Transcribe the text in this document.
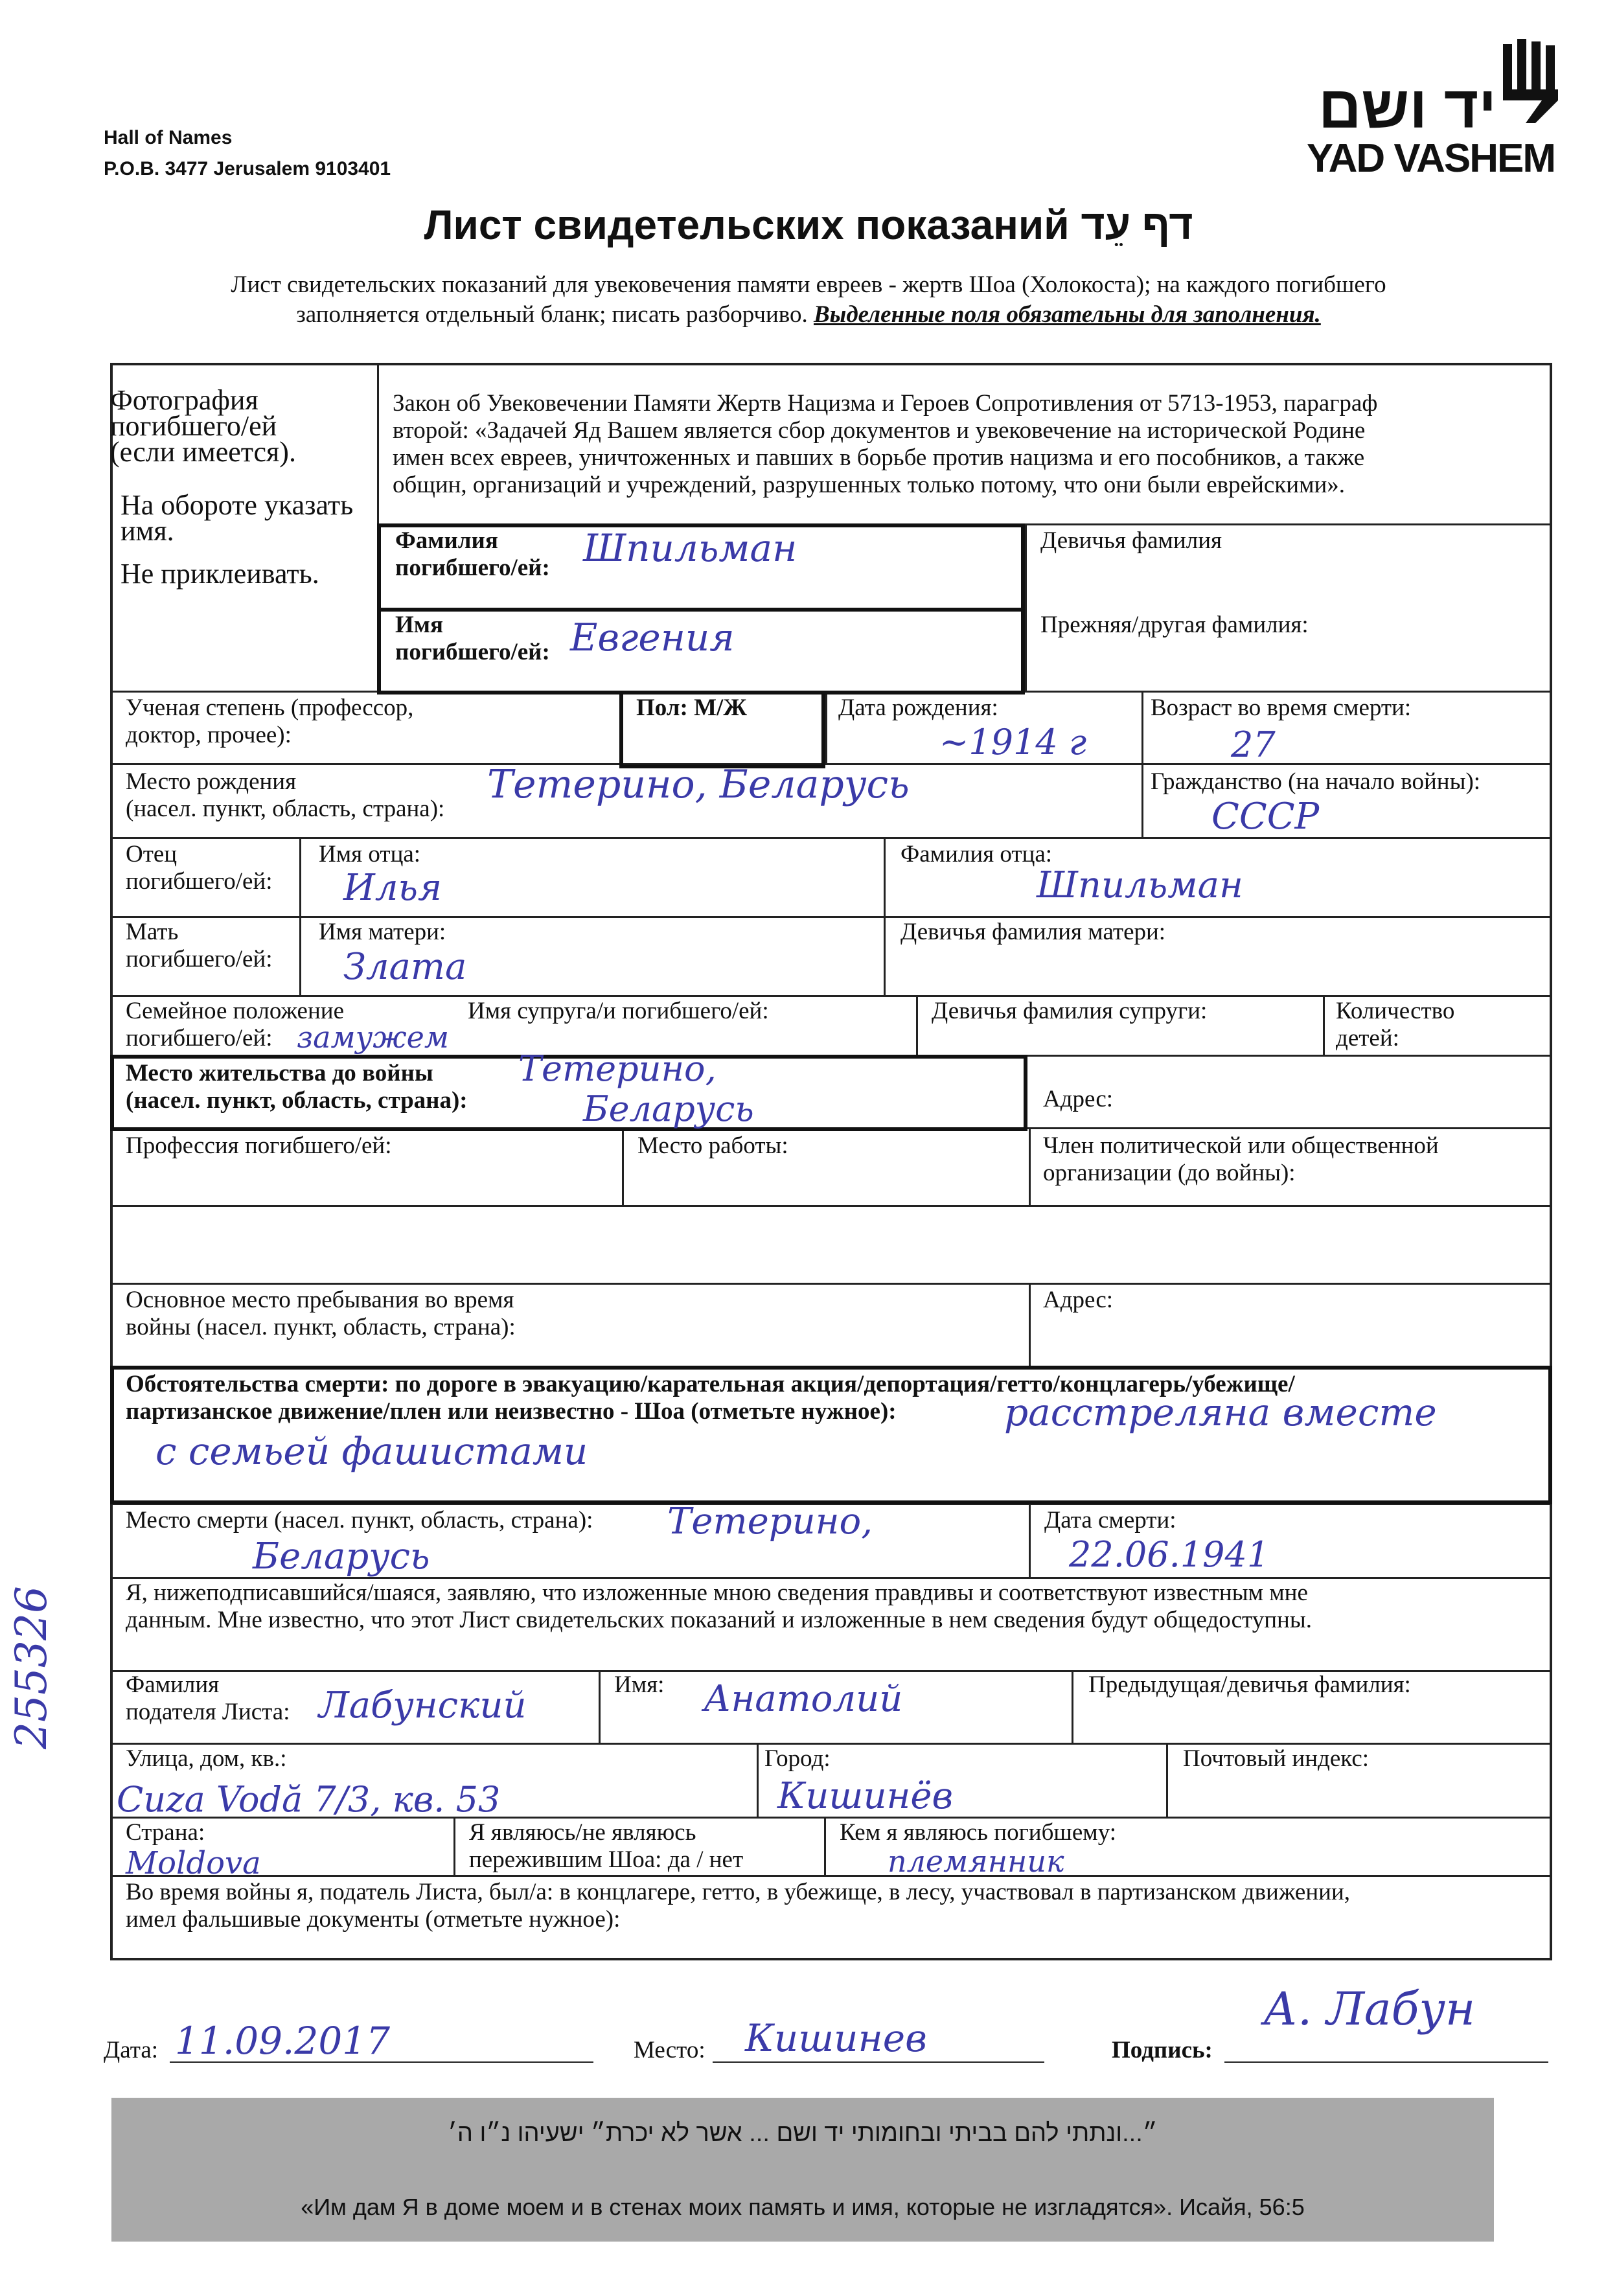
Hall of Names
P.O.B. 3477 Jerusalem 9103401
יד ושם
YAD VASHEM
Лист свидетельских показаний דף עֵד
Лист свидетельских показаний для увековечения памяти евреев - жертв Шоа (Холокоста); на каждого погибшего
заполняется отдельный бланк; писать разборчиво. Выделенные поля обязательны для заполнения.
Фотография
погибшего/ей
(если имеется).
На обороте указать
имя.
Не приклеивать.
Закон об Увековечении Памяти Жертв Нацизма и Героев Сопротивления от 5713-1953, параграф
второй: «Задачей Яд Вашем является сбор документов и увековечение на исторической Родине
имен всех евреев, уничтоженных и павших в борьбе против нацизма и его пособников, а также
общин, организаций и учреждений, разрушенных только потому, что они были еврейскими».
Фамилия
погибшего/ей: Шпильман	Девичья фамилия
Имя
погибшего/ей: Евгения	Прежняя/другая фамилия:
Ученая степень (профессор,
доктор, прочее):
Пол: М/Ж	Дата рождения:
~1914 г
Возраст во время смерти:
27
Место рождения
(насел. пункт, область, страна):
Тетерино, Беларусь	Гражданство (на начало войны):
СССР
Отец
погибшего/ей:
Имя отца:
Илья
Фамилия отца:
Шпильман
Мать
погибшего/ей:
Имя матери:
Злата
Девичья фамилия матери:
Семейное положение
погибшего/ей: замужем
Имя супруга/и погибшего/ей:	Девичья фамилия супруги:	Количество
детей:
Место жительства до войны
(насел. пункт, область, страна):
Тетерино,
Беларусь	Адрес:
Профессия погибшего/ей:	Место работы:	Член политической или общественной
организации (до войны):
Основное место пребывания во время
войны (насел. пункт, область, страна):
Адрес:
Обстоятельства смерти: по дороге в эвакуацию/карательная акция/депортация/гетто/концлагерь/убежище/
партизанское движение/плен или неизвестно - Шоа (отметьте нужное):	расстреляна вместе
с семьей фашистами
Место смерти (насел. пункт, область, страна): Тетерино,
Беларусь
Дата смерти:
22.06.1941
Я, нижеподписавшийся/шаяся, заявляю, что изложенные мною сведения правдивы и соответствуют известным мне
данным. Мне известно, что этот Лист свидетельских показаний и изложенные в нем сведения будут общедоступны.
Фамилия
подателя Листа: Лабунский	Имя: Анатолий	Предыдущая/девичья фамилия:
Улица, дом, кв.:
Cuza Vodă 7/3, кв. 53
Город:
Кишинёв
Почтовый индекс:
Страна:
Moldova
Я являюсь/не являюсь
пережившим Шоа: да / нет
Кем я являюсь погибшему:
племянник
Во время войны я, податель Листа, был/а: в концлагере, гетто, в убежище, в лесу, участвовал в партизанском движении,
имел фальшивые документы (отметьте нужное):
255326
Дата: 11.09.2017	Место: Кишинев	Подпись:
А. Лабун
״...ונתתי להם בביתי ובחומותי יד ושם ... אשר לא יכרת״ ישעיהו נ״ו ה׳
«Им дам Я в доме моем и в стенах моих память и имя, которые не изгладятся». Исайя, 56:5
